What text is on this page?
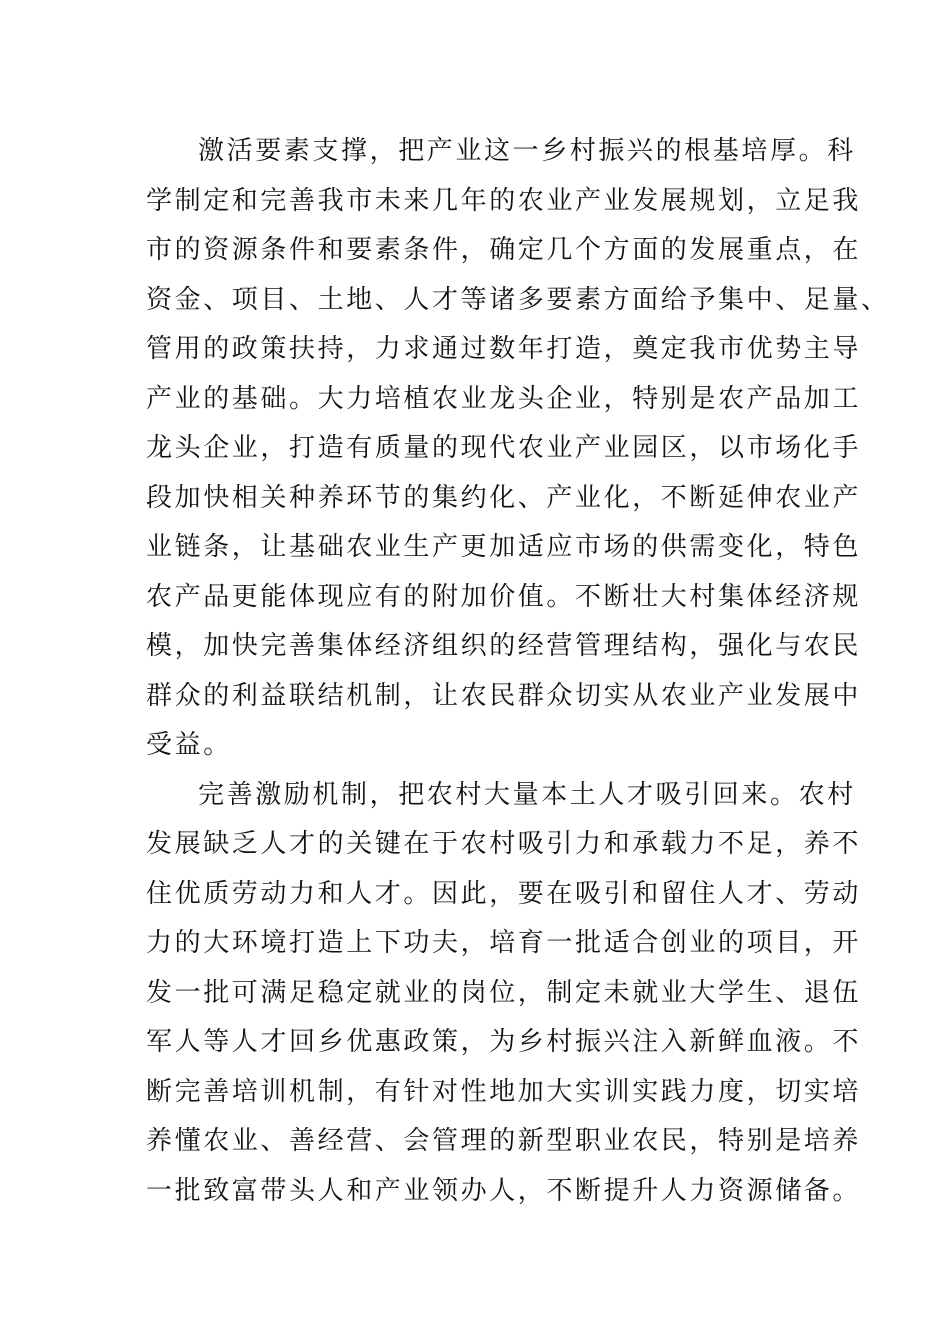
激活要素支撑，把产业这一乡村振兴的根基培厚。科
学制定和完善我市未来几年的农业产业发展规划，立足我
市的资源条件和要素条件，确定几个方面的发展重点，在
资金、项目、土地、人才等诸多要素方面给予集中、足量、
管用的政策扶持，力求通过数年打造，奠定我市优势主导
产业的基础。大力培植农业龙头企业，特别是农产品加工
龙头企业，打造有质量的现代农业产业园区，以市场化手
段加快相关种养环节的集约化、产业化，不断延伸农业产
业链条，让基础农业生产更加适应市场的供需变化，特色
农产品更能体现应有的附加价值。不断壮大村集体经济规
模，加快完善集体经济组织的经营管理结构，强化与农民
群众的利益联结机制，让农民群众切实从农业产业发展中
受益。
完善激励机制，把农村大量本土人才吸引回来。农村
发展缺乏人才的关键在于农村吸引力和承载力不足，养不
住优质劳动力和人才。因此，要在吸引和留住人才、劳动
力的大环境打造上下功夫，培育一批适合创业的项目，开
发一批可满足稳定就业的岗位，制定未就业大学生、退伍
军人等人才回乡优惠政策，为乡村振兴注入新鲜血液。不
断完善培训机制，有针对性地加大实训实践力度，切实培
养懂农业、善经营、会管理的新型职业农民，特别是培养
一批致富带头人和产业领办人，不断提升人力资源储备。
